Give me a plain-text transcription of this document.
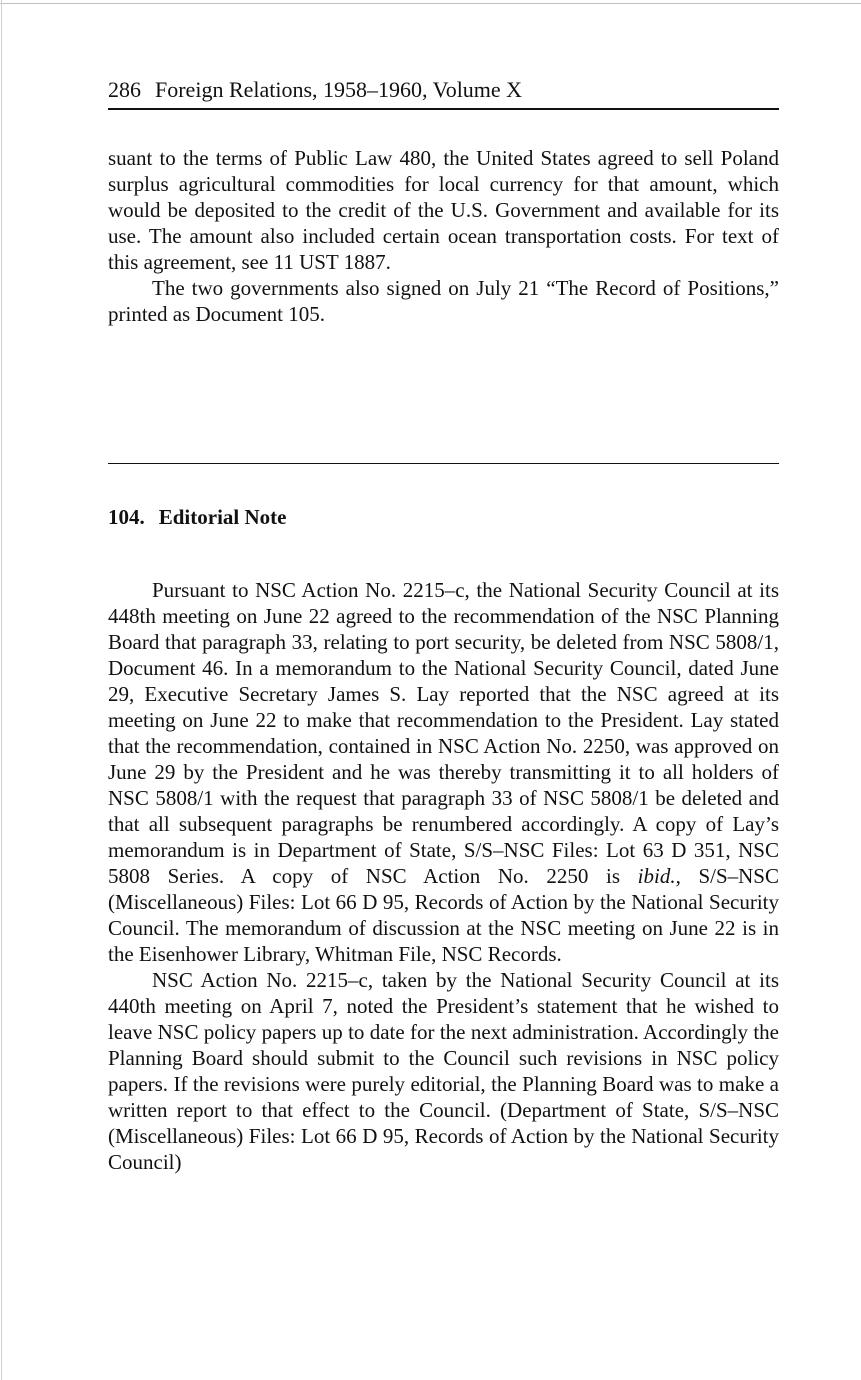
286 Foreign Relations, 1958–1960, Volume X

suant to the terms of Public Law 480, the United States agreed to sell Poland surplus agricultural commodities for local currency for that amount, which would be deposited to the credit of the U.S. Government and available for its use. The amount also included certain ocean transportation costs. For text of this agreement, see 11 UST 1887.

The two governments also signed on July 21 “The Record of Positions,” printed as Document 105.

104. Editorial Note

Pursuant to NSC Action No. 2215–c, the National Security Council at its 448th meeting on June 22 agreed to the recommendation of the NSC Planning Board that paragraph 33, relating to port security, be deleted from NSC 5808/1, Document 46. In a memorandum to the National Security Council, dated June 29, Executive Secretary James S. Lay reported that the NSC agreed at its meeting on June 22 to make that recommendation to the President. Lay stated that the recommendation, contained in NSC Action No. 2250, was approved on June 29 by the President and he was thereby transmitting it to all holders of NSC 5808/1 with the request that paragraph 33 of NSC 5808/1 be deleted and that all subsequent paragraphs be renumbered accordingly. A copy of Lay’s memorandum is in Department of State, S/S–NSC Files: Lot 63 D 351, NSC 5808 Series. A copy of NSC Action No. 2250 is ibid., S/S–NSC (Miscellaneous) Files: Lot 66 D 95, Records of Action by the National Security Council. The memorandum of discussion at the NSC meeting on June 22 is in the Eisenhower Library, Whitman File, NSC Records.

NSC Action No. 2215–c, taken by the National Security Council at its 440th meeting on April 7, noted the President’s statement that he wished to leave NSC policy papers up to date for the next administration. Accordingly the Planning Board should submit to the Council such revisions in NSC policy papers. If the revisions were purely editorial, the Planning Board was to make a written report to that effect to the Council. (Department of State, S/S–NSC (Miscellaneous) Files: Lot 66 D 95, Records of Action by the National Security Council)
